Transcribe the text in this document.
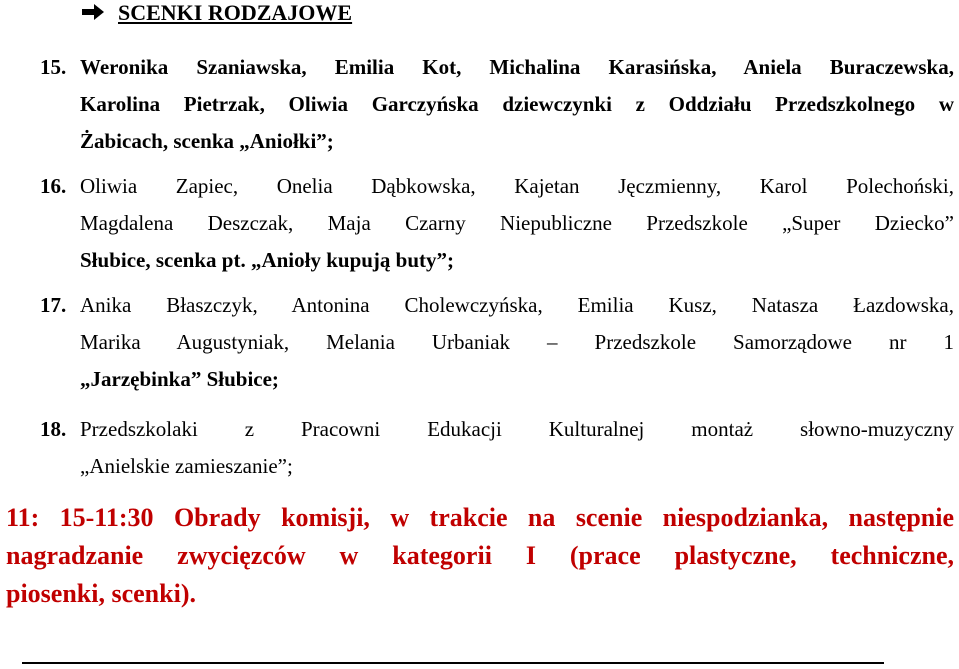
SCENKI RODZAJOWE
15. Weronika Szaniawska, Emilia Kot, Michalina Karasińska, Aniela Buraczewska,
Karolina Pietrzak, Oliwia Garczyńska dziewczynki z Oddziału Przedszkolnego w
Żabicach, scenka „Aniołki”;
16. Oliwia Zapiec, Onelia Dąbkowska, Kajetan Jęczmienny, Karol Polechoński,
Magdalena Deszczak, Maja Czarny Niepubliczne Przedszkole „Super Dziecko”
Słubice, scenka pt. „Anioły kupują buty”;
17. Anika Błaszczyk, Antonina Cholewczyńska, Emilia Kusz, Natasza Łazdowska,
Marika Augustyniak, Melania Urbaniak – Przedszkole Samorządowe nr 1
„Jarzębinka” Słubice;
18. Przedszkolaki z Pracowni Edukacji Kulturalnej montaż słowno-muzyczny
„Anielskie zamieszanie”;
11: 15-11:30 Obrady komisji, w trakcie na scenie niespodzianka, następnie
nagradzanie zwycięzców w kategorii I (prace plastyczne, techniczne,
piosenki, scenki).
